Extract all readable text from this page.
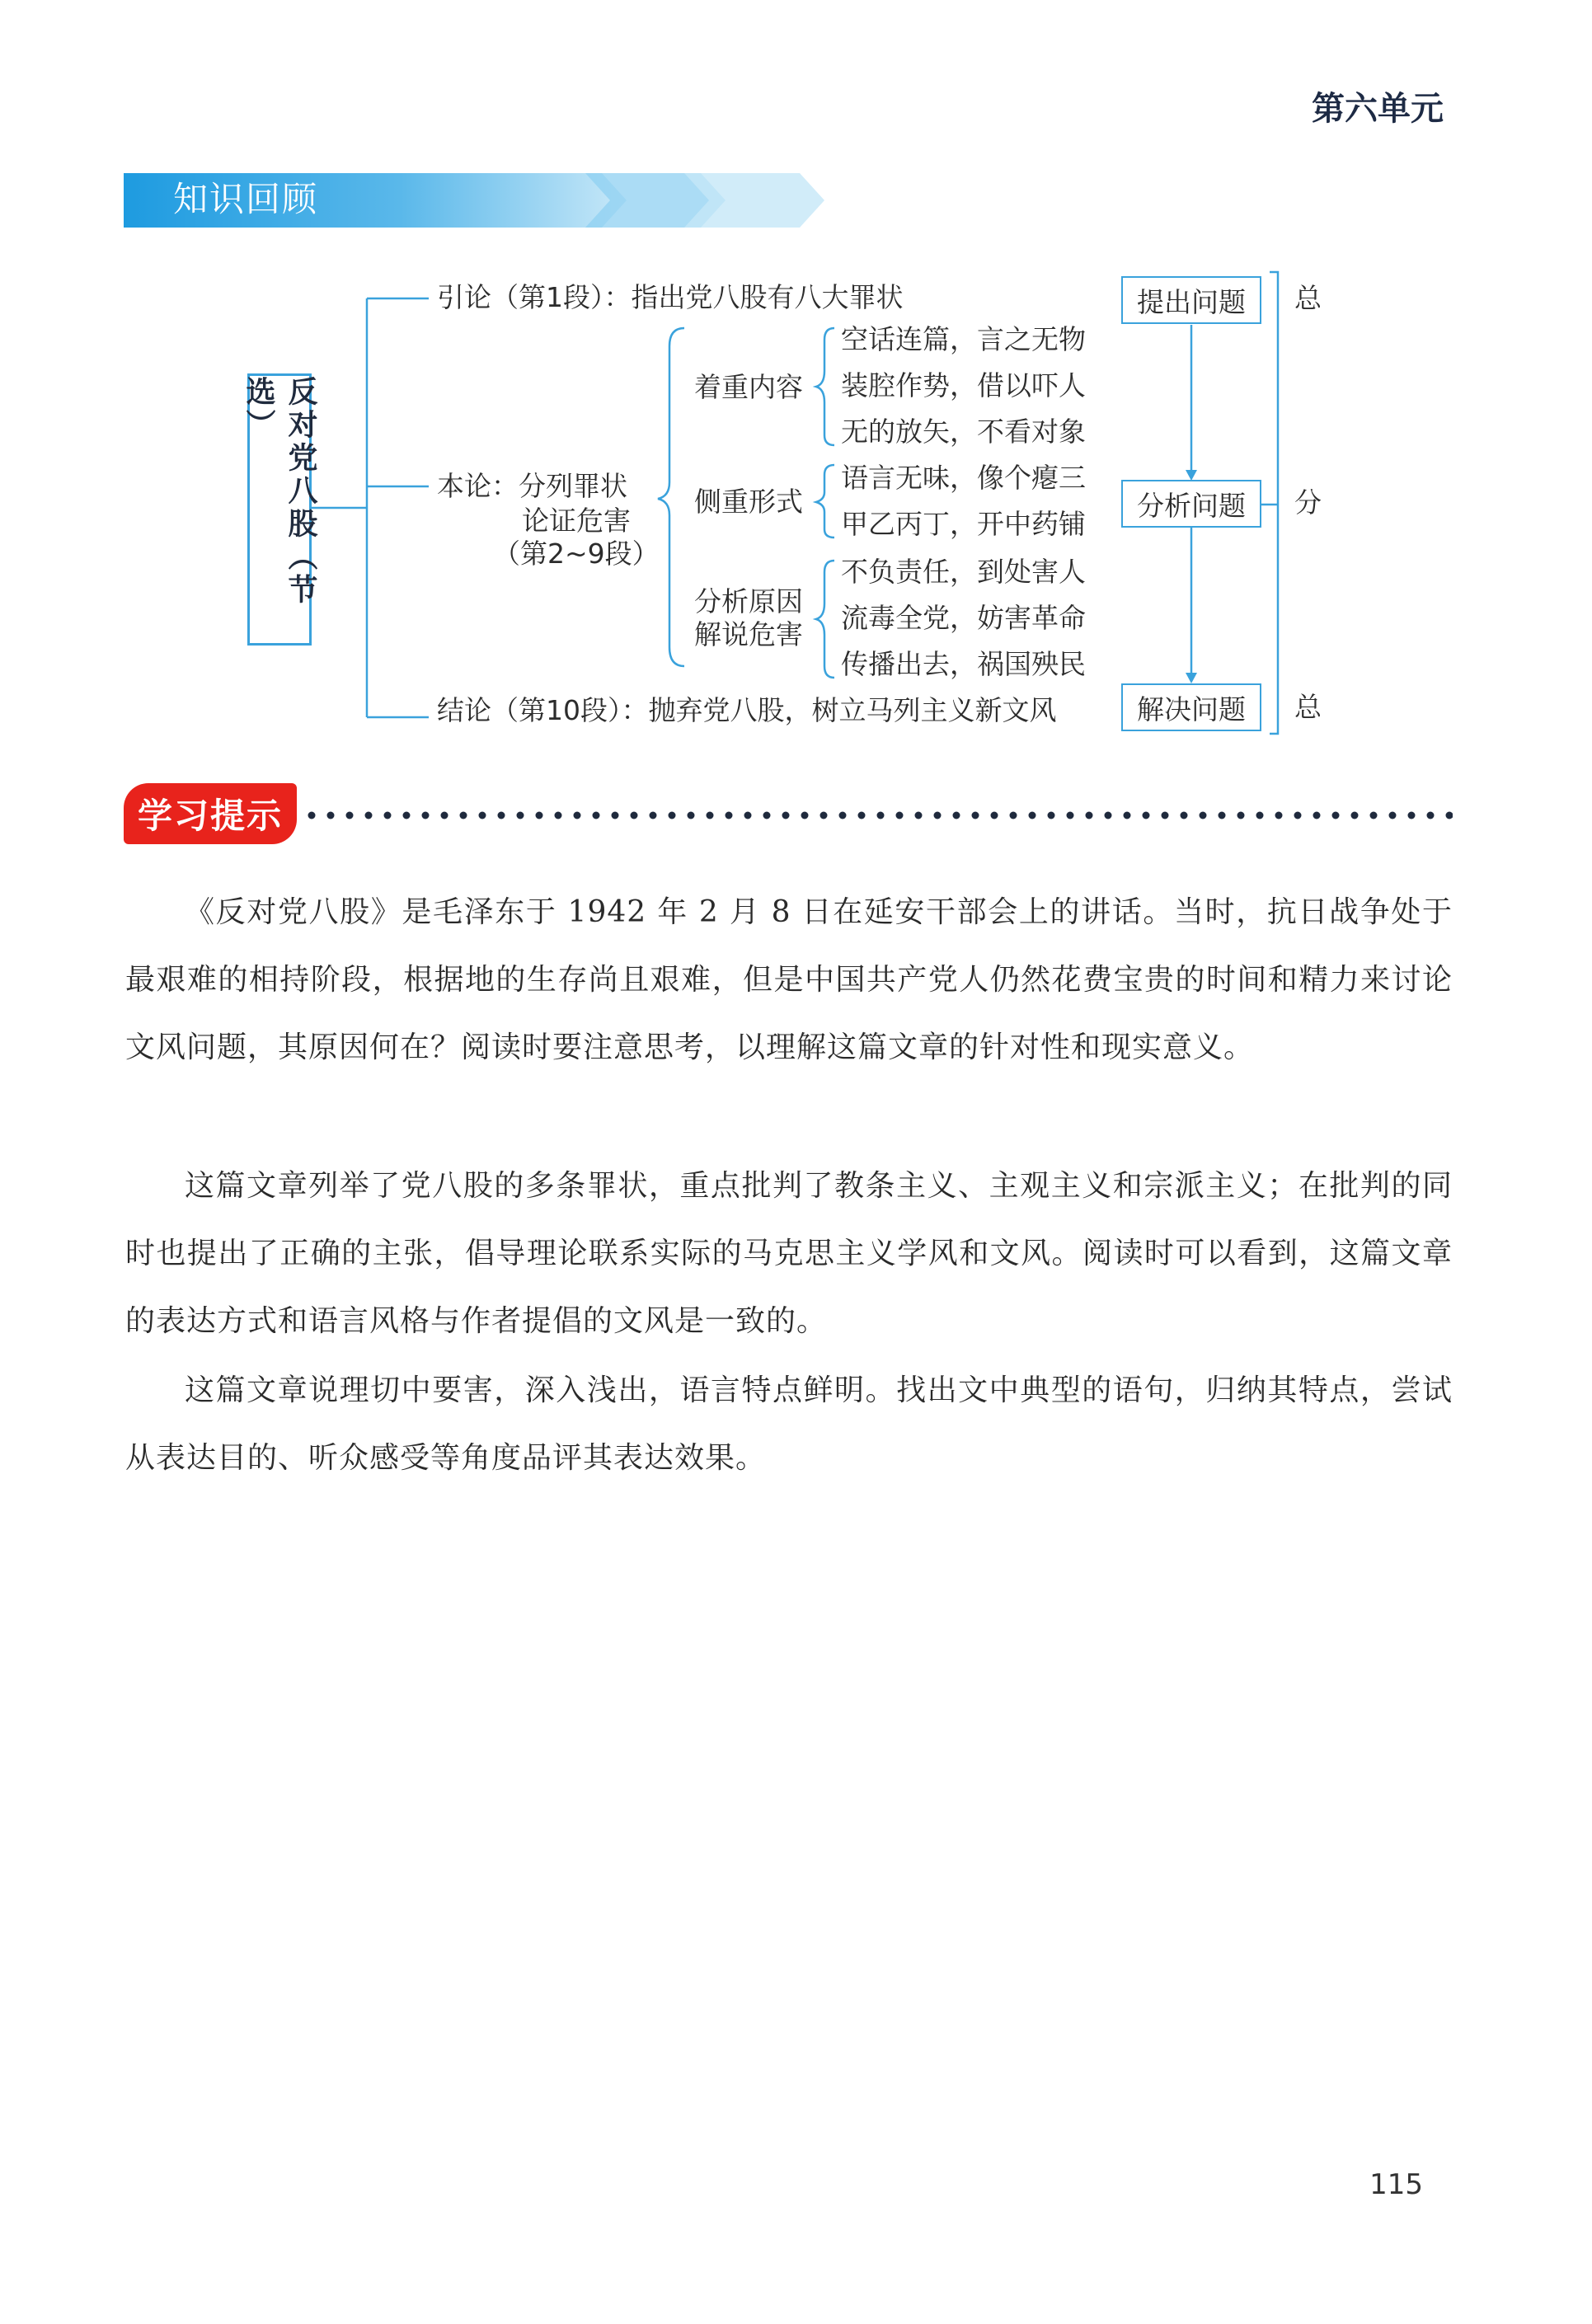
第六单元
知识回顾
反对党八股（节选）
引论（第1段）：指出党八股有八大罪状
本论：分列罪状
论证危害
（第2~9段）
结论（第10段）：抛弃党八股，树立马列主义新文风
着重内容
侧重形式
分析原因
解说危害
空话连篇，言之无物
装腔作势，借以吓人
无的放矢，不看对象
语言无味，像个瘪三
甲乙丙丁，开中药铺
不负责任，到处害人
流毒全党，妨害革命
传播出去，祸国殃民
提出问题
分析问题
解决问题
总
分
总
学习提示

《反对党八股》是毛泽东于 1942 年 2 月 8 日在延安干部会上的讲话。当时，抗日战争处于最艰难的相持阶段，根据地的生存尚且艰难，但是中国共产党人仍然花费宝贵的时间和精力来讨论文风问题，其原因何在？阅读时要注意思考，以理解这篇文章的针对性和现实意义。

这篇文章列举了党八股的多条罪状，重点批判了教条主义、主观主义和宗派主义；在批判的同时也提出了正确的主张，倡导理论联系实际的马克思主义学风和文风。阅读时可以看到，这篇文章的表达方式和语言风格与作者提倡的文风是一致的。

这篇文章说理切中要害，深入浅出，语言特点鲜明。找出文中典型的语句，归纳其特点，尝试从表达目的、听众感受等角度品评其表达效果。

115
